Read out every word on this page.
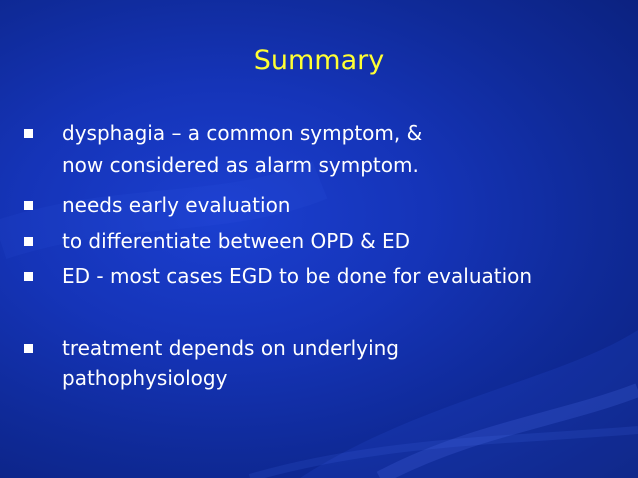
Summary
dysphagia – a common symptom, &
now considered as alarm symptom.
needs early evaluation
to differentiate between OPD & ED
ED - most cases EGD to be done for evaluation
treatment depends on underlying
pathophysiology
